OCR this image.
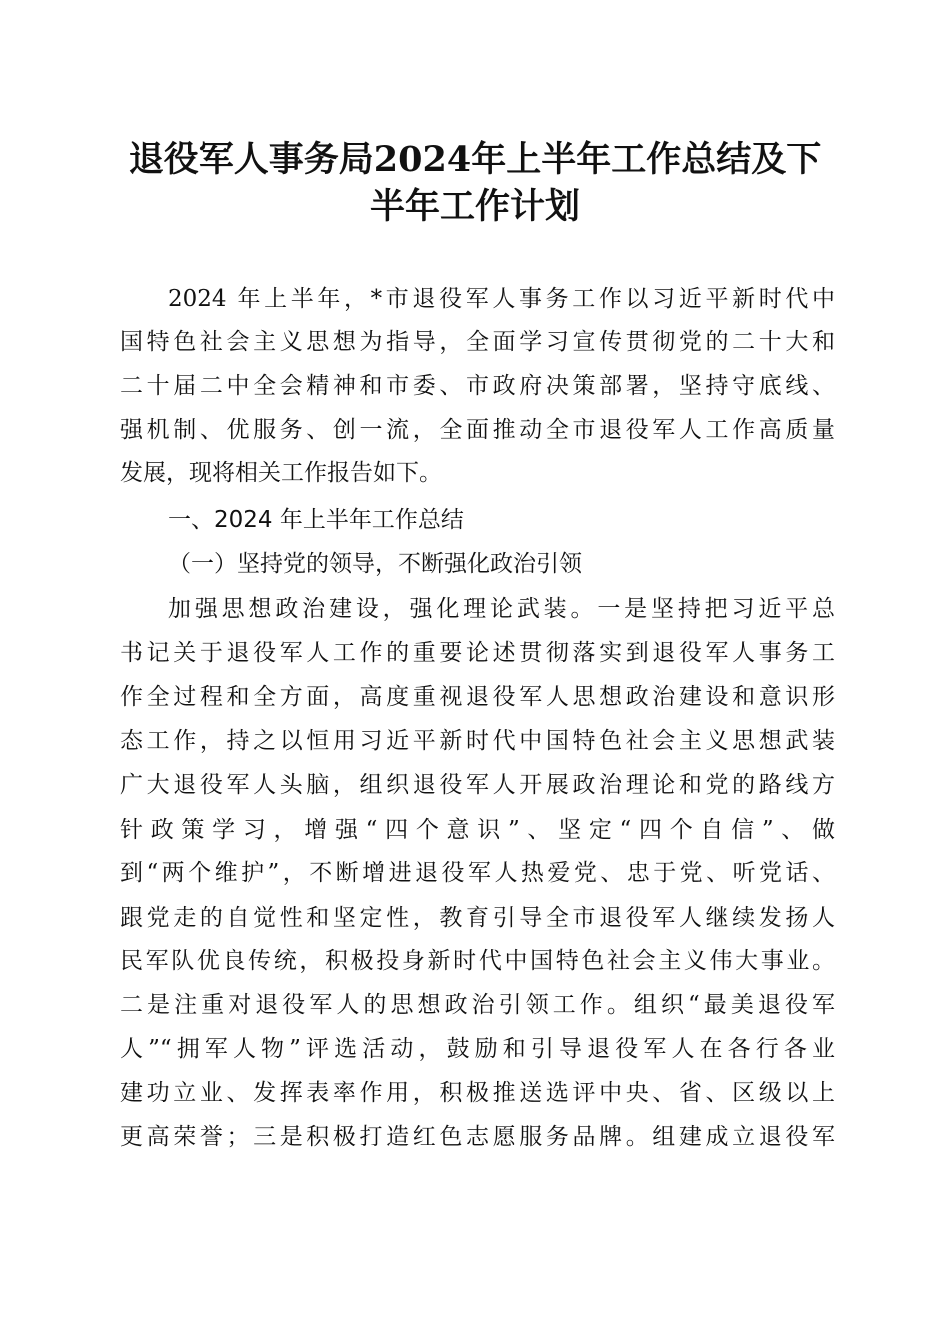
退役军人事务局2024年上半年工作总结及下
半年工作计划
2024 年上半年，*市退役军人事务工作以习近平新时代中
国特色社会主义思想为指导，全面学习宣传贯彻党的二十大和
二十届二中全会精神和市委、市政府决策部署，坚持守底线、
强机制、优服务、创一流，全面推动全市退役军人工作高质量
发展，现将相关工作报告如下。
一、2024 年上半年工作总结
（一）坚持党的领导，不断强化政治引领
加强思想政治建设，强化理论武装。一是坚持把习近平总
书记关于退役军人工作的重要论述贯彻落实到退役军人事务工
作全过程和全方面，高度重视退役军人思想政治建设和意识形
态工作，持之以恒用习近平新时代中国特色社会主义思想武装
广大退役军人头脑，组织退役军人开展政治理论和党的路线方
针政策学习，增强“四个意识”、坚定“四个自信”、做
到“两个维护”，不断增进退役军人热爱党、忠于党、听党话、
跟党走的自觉性和坚定性，教育引导全市退役军人继续发扬人
民军队优良传统，积极投身新时代中国特色社会主义伟大事业。
二是注重对退役军人的思想政治引领工作。组织“最美退役军
人”“拥军人物”评选活动，鼓励和引导退役军人在各行各业
建功立业、发挥表率作用，积极推送选评中央、省、区级以上
更高荣誉；三是积极打造红色志愿服务品牌。组建成立退役军
